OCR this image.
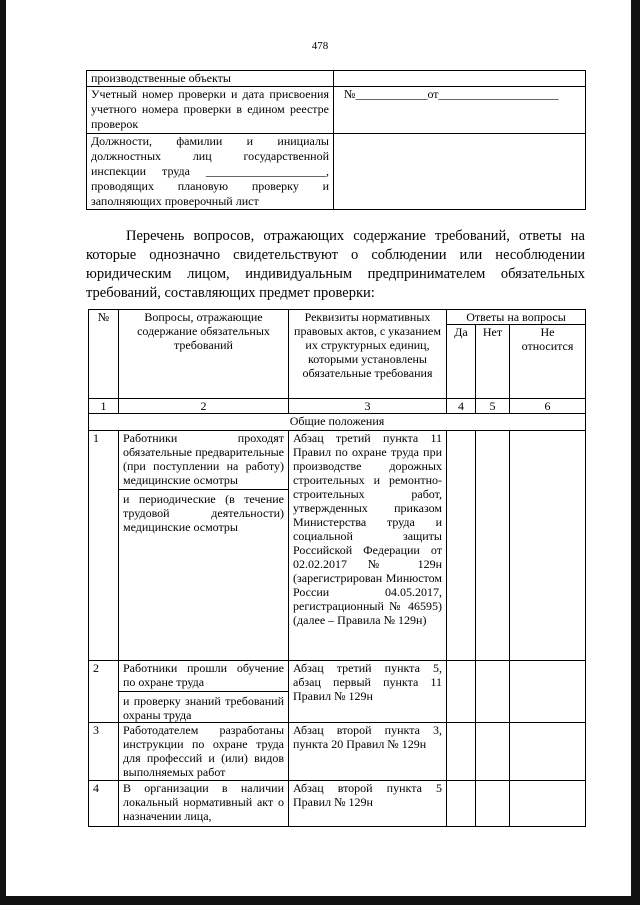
478
производственные объекты	
Учетный номер проверки и дата присвоения учетного номера проверки в едином реестре проверок	№____________от____________________
Должности, фамилии и инициалы должностных лиц государственной инспекции труда ____________________, проводящих плановую проверку и заполняющих проверочный лист	
Перечень вопросов, отражающих содержание требований, ответы на которые однозначно свидетельствуют о соблюдении или несоблюдении юридическим лицом, индивидуальным предпринимателем обязательных требований, составляющих предмет проверки:
№	Вопросы, отражающие содержание обязательных требований	Реквизиты нормативных правовых актов, с указанием их структурных единиц, которыми установлены обязательные требования	Ответы на вопросы		
			Да	Нет	Не относится
1	2	3	4	5	6
Общие положения					
1	Работники проходят обязательные предварительные (при поступлении на работу) медицинские осмотры
и периодические (в течение трудовой деятельности) медицинские осмотры	Абзац третий пункта 11 Правил по охране труда при производстве дорожных строительных и ремонтно-строительных работ, утвержденных приказом Министерства труда и социальной защиты Российской Федерации от 02.02.2017 № 129н (зарегистрирован Минюстом России 04.05.2017, регистрационный № 46595) (далее – Правила № 129н)			
2	Работники прошли обучение по охране труда
и проверку знаний требований охраны труда	Абзац третий пункта 5, абзац первый пункта 11 Правил № 129н			
3	Работодателем разработаны инструкции по охране труда для профессий и (или) видов выполняемых работ	Абзац второй пункта 3, пункта 20 Правил № 129н			
4	В организации в наличии локальный нормативный акт о назначении лица,	Абзац второй пункта 5 Правил № 129н			
